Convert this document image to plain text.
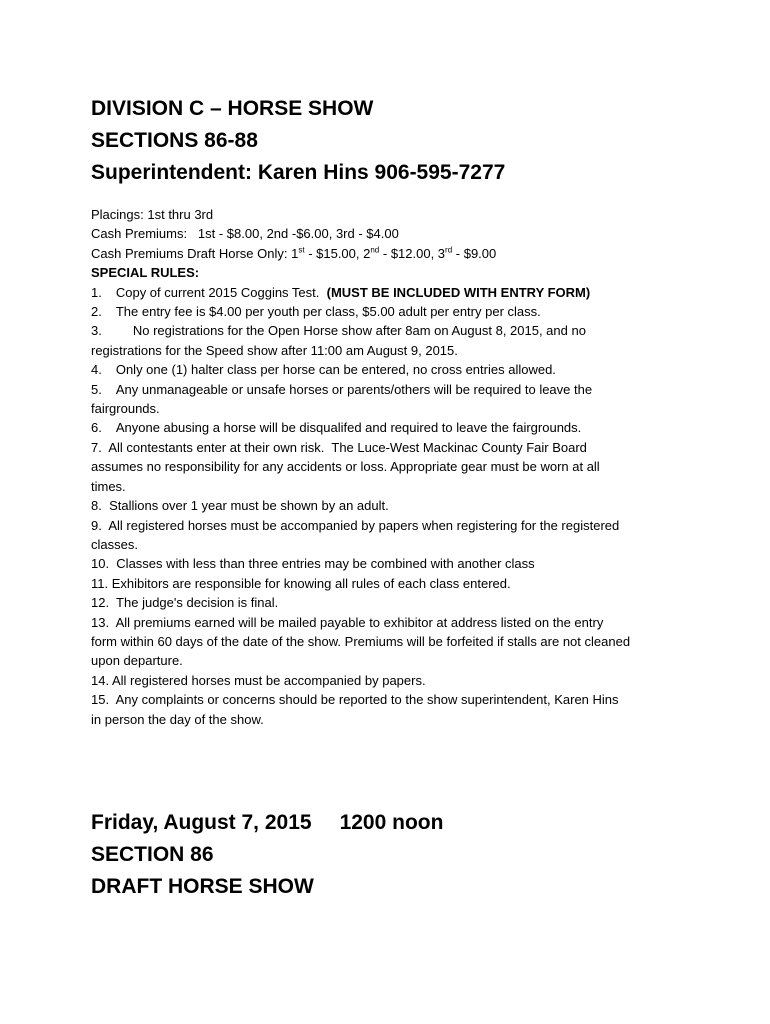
DIVISION C – HORSE SHOW

SECTIONS 86-88

Superintendent: Karen Hins 906-595-7277

Placings: 1st thru 3rd
Cash Premiums:   1st - $8.00, 2nd -$6.00, 3rd - $4.00
Cash Premiums Draft Horse Only: 1st - $15.00, 2nd - $12.00, 3rd - $9.00
SPECIAL RULES:
1. Copy of current 2015 Coggins Test.  (MUST BE INCLUDED WITH ENTRY FORM)
2. The entry fee is $4.00 per youth per class, $5.00 adult per entry per class.
3. No registrations for the Open Horse show after 8am on August 8, 2015, and no
registrations for the Speed show after 11:00 am August 9, 2015.
4. Only one (1) halter class per horse can be entered, no cross entries allowed.
5. Any unmanageable or unsafe horses or parents/others will be required to leave the
fairgrounds.
6. Anyone abusing a horse will be disqualifed and required to leave the fairgrounds.
7.  All contestants enter at their own risk.  The Luce-West Mackinac County Fair Board
assumes no responsibility for any accidents or loss. Appropriate gear must be worn at all
times.
8.  Stallions over 1 year must be shown by an adult.
9.  All registered horses must be accompanied by papers when registering for the registered
classes.
10.  Classes with less than three entries may be combined with another class
11. Exhibitors are responsible for knowing all rules of each class entered.
12.  The judge's decision is final.
13.  All premiums earned will be mailed payable to exhibitor at address listed on the entry
form within 60 days of the date of the show. Premiums will be forfeited if stalls are not cleaned
upon departure.
14. All registered horses must be accompanied by papers.
15.  Any complaints or concerns should be reported to the show superintendent, Karen Hins
in person the day of the show.

Friday, August 7, 2015 1200 noon

SECTION 86

DRAFT HORSE SHOW
